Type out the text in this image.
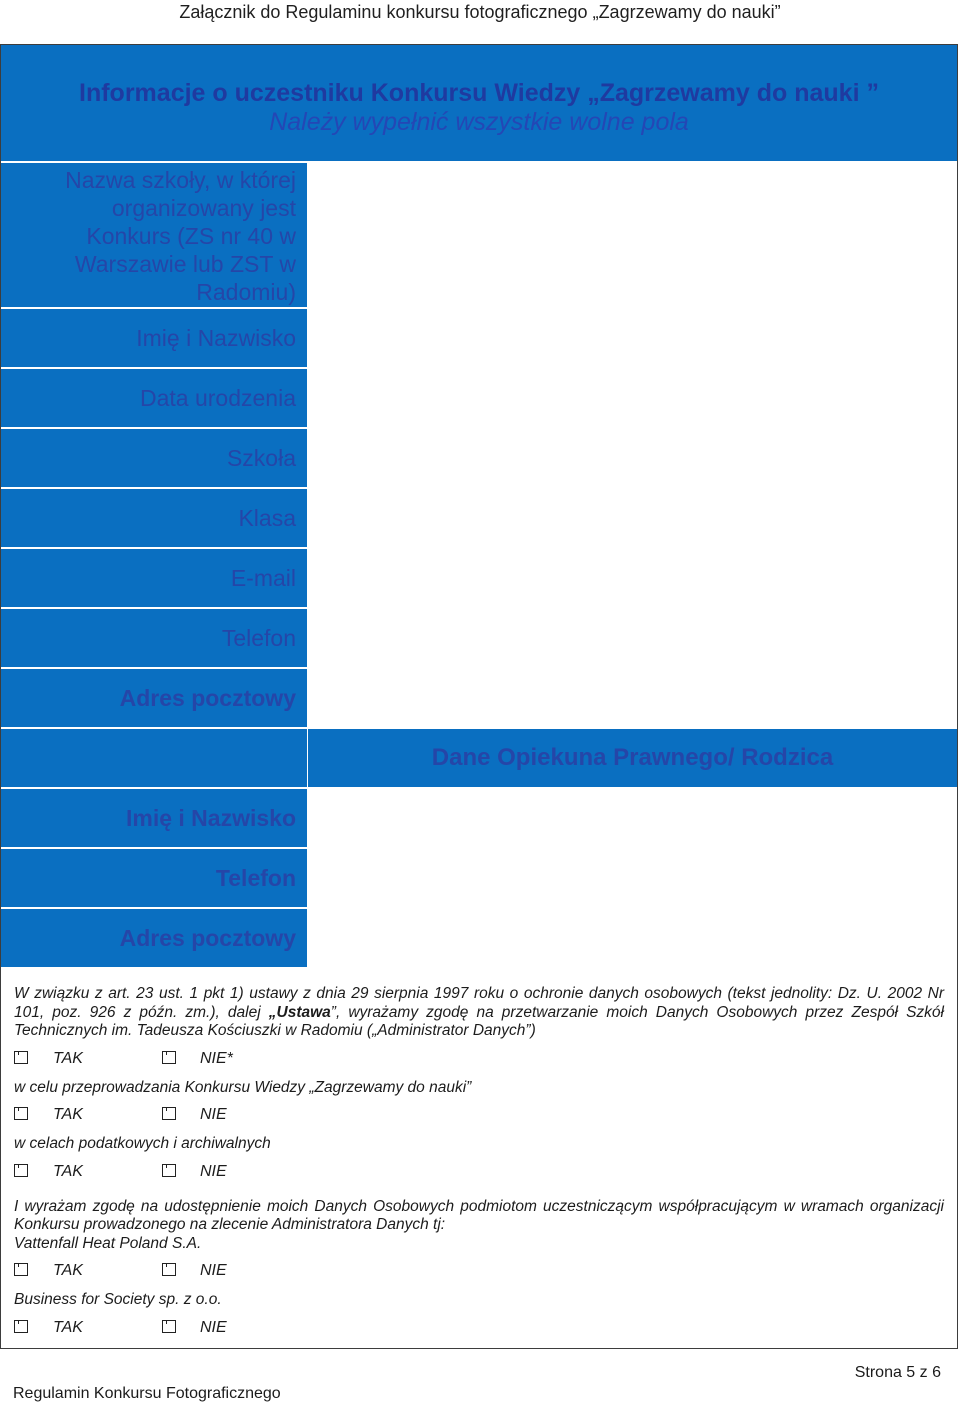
Załącznik do Regulaminu konkursu fotograficznego „Zagrzewamy do nauki”
Informacje o uczestniku Konkursu Wiedzy „Zagrzewamy do nauki ”
Należy wypełnić wszystkie wolne pola
Nazwa szkoły, w której
organizowany jest
Konkurs (ZS nr 40 w
Warszawie lub ZST w
Radomiu)
Imię i Nazwisko
Data urodzenia
Szkoła
Klasa
E-mail
Telefon
Adres pocztowy
Dane Opiekuna Prawnego/ Rodzica
Imię i Nazwisko
Telefon
Adres pocztowy

W związku z art. 23 ust. 1 pkt 1) ustawy z dnia 29 sierpnia 1997 roku o ochronie danych osobowych (tekst jednolity: Dz. U. 2002 Nr 101, poz. 926 z późn. zm.), dalej „Ustawa”, wyrażamy zgodę na przetwarzanie moich Danych Osobowych przez Zespół Szkół Technicznych im. Tadeusza Kościuszki w Radomiu („Administrator Danych”)

TAK	NIE*

w celu przeprowadzania Konkursu Wiedzy „Zagrzewamy do nauki”

TAK	NIE

w celach podatkowych i archiwalnych

TAK	NIE

I wyrażam zgodę na udostępnienie moich Danych Osobowych podmiotom uczestniczącym współpracującym w wramach organizacji Konkursu prowadzonego na zlecenie Administratora Danych tj:

Vattenfall Heat Poland S.A.

TAK	NIE

Business for Society sp. z o.o.

TAK	NIE
Strona 5 z 6
Regulamin Konkursu Fotograficznego
